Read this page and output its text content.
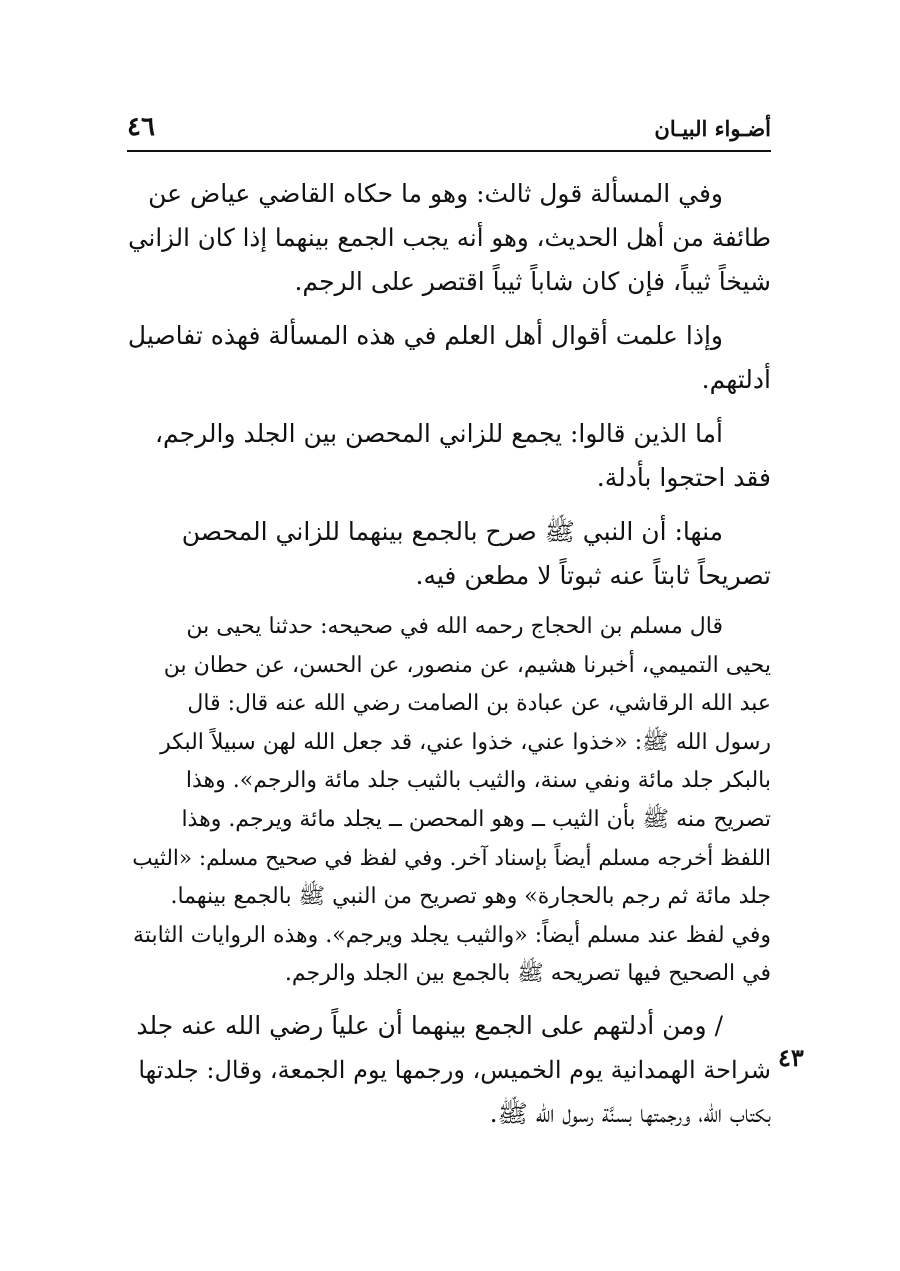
أضـواء البيـان
٤٦

وفي المسألة قول ثالث: وهو ما حكاه القاضي عياض عن
طائفة من أهل الحديث، وهو أنه يجب الجمع بينهما إذا كان الزاني
شيخاً ثيباً، فإن كان شاباً ثيباً اقتصر على الرجم.

وإذا علمت أقوال أهل العلم في هذه المسألة فهذه تفاصيل
أدلتهم.

أما الذين قالوا: يجمع للزاني المحصن بين الجلد والرجم،
فقد احتجوا بأدلة.

منها: أن النبي ﷺ صرح بالجمع بينهما للزاني المحصن
تصريحاً ثابتاً عنه ثبوتاً لا مطعن فيه.

قال مسلم بن الحجاج رحمه الله في صحيحه: حدثنا يحيى بن
يحيى التميمي، أخبرنا هشيم، عن منصور، عن الحسن، عن حطان بن
عبد الله الرقاشي، عن عبادة بن الصامت رضي الله عنه قال: قال
رسول الله ﷺ: «خذوا عني، خذوا عني، قد جعل الله لهن سبيلاً البكر
بالبكر جلد مائة ونفي سنة، والثيب بالثيب جلد مائة والرجم». وهذا
تصريح منه ﷺ بأن الثيب ــ وهو المحصن ــ يجلد مائة ويرجم. وهذا
اللفظ أخرجه مسلم أيضاً بإسناد آخر. وفي لفظ في صحيح مسلم: «الثيب
جلد مائة ثم رجم بالحجارة» وهو تصريح من النبي ﷺ بالجمع بينهما.
وفي لفظ عند مسلم أيضاً: «والثيب يجلد ويرجم». وهذه الروايات الثابتة
في الصحيح فيها تصريحه ﷺ بالجمع بين الجلد والرجم.

/ ومن أدلتهم على الجمع بينهما أن علياً رضي الله عنه جلد
شراحة الهمدانية يوم الخميس، ورجمها يوم الجمعة، وقال: جلدتها
بكتاب الله، ورجمتها بسنَّة رسول الله ﷺ.

٤٣
